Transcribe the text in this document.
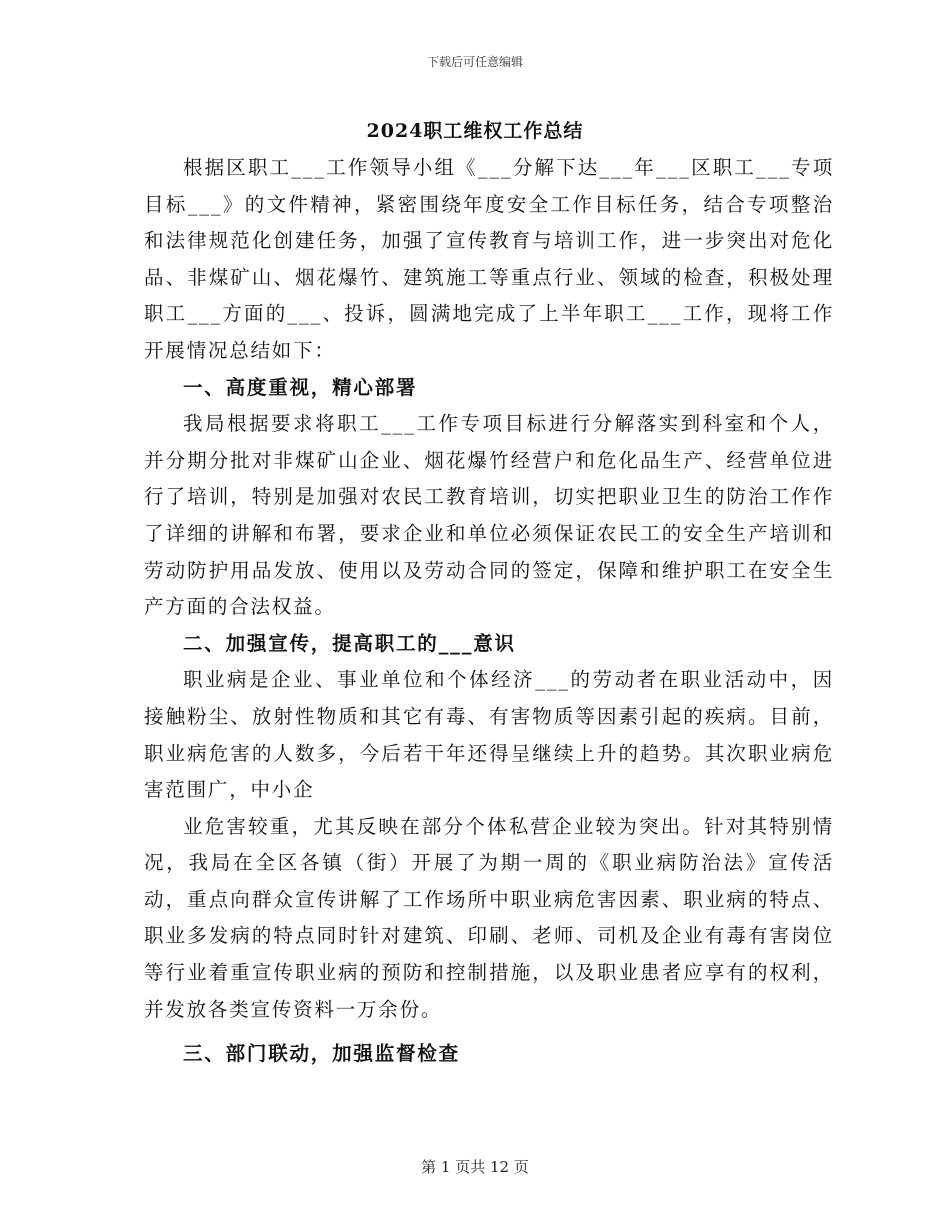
下载后可任意编辑
2024职工维权工作总结

根据区职工___工作领导小组《___分解下达___年___区职工___专项目标___》的文件精神，紧密围绕年度安全工作目标任务，结合专项整治和法律规范化创建任务，加强了宣传教育与培训工作，进一步突出对危化品、非煤矿山、烟花爆竹、建筑施工等重点行业、领域的检查，积极处理职工___方面的___、投诉，圆满地完成了上半年职工___工作，现将工作开展情况总结如下：

一、高度重视，精心部署

我局根据要求将职工___工作专项目标进行分解落实到科室和个人，并分期分批对非煤矿山企业、烟花爆竹经营户和危化品生产、经营单位进行了培训，特别是加强对农民工教育培训，切实把职业卫生的防治工作作了详细的讲解和布署，要求企业和单位必须保证农民工的安全生产培训和劳动防护用品发放、使用以及劳动合同的签定，保障和维护职工在安全生产方面的合法权益。

二、加强宣传，提高职工的___意识

职业病是企业、事业单位和个体经济___的劳动者在职业活动中，因接触粉尘、放射性物质和其它有毒、有害物质等因素引起的疾病。目前，职业病危害的人数多，今后若干年还得呈继续上升的趋势。其次职业病危害范围广，中小企

业危害较重，尤其反映在部分个体私营企业较为突出。针对其特别情况，我局在全区各镇（街）开展了为期一周的《职业病防治法》宣传活动，重点向群众宣传讲解了工作场所中职业病危害因素、职业病的特点、职业多发病的特点同时针对建筑、印刷、老师、司机及企业有毒有害岗位等行业着重宣传职业病的预防和控制措施，以及职业患者应享有的权利，并发放各类宣传资料一万余份。

三、部门联动，加强监督检查

第 1 页共 12 页
